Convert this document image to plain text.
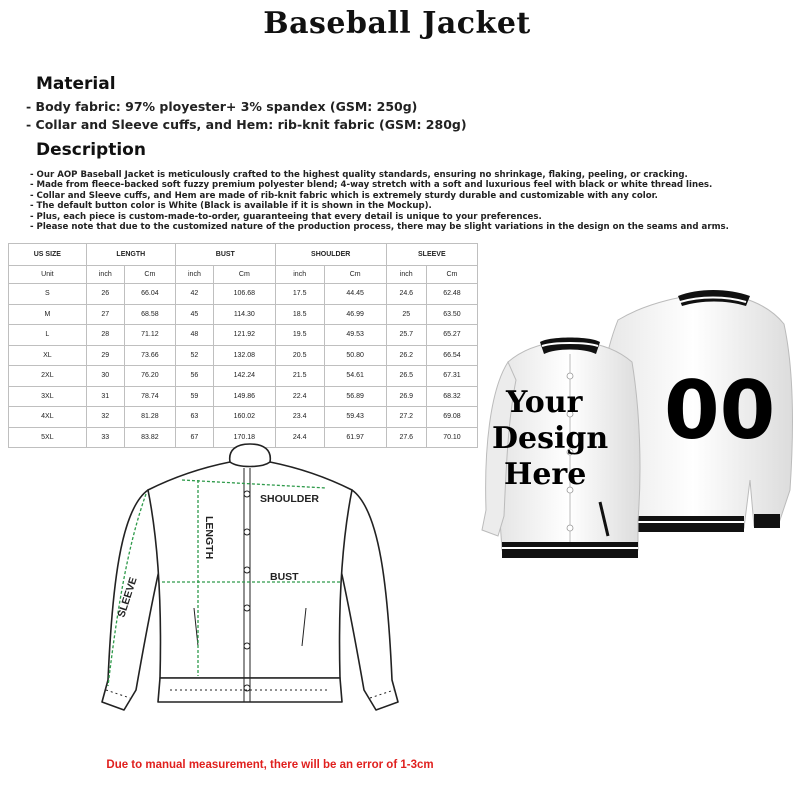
Baseball Jacket
Material
- Body fabric: 97% ployester+ 3% spandex (GSM: 250g)
- Collar and Sleeve cuffs, and Hem: rib-knit fabric (GSM: 280g)
Description
- Our AOP Baseball Jacket is meticulously crafted to the highest quality standards, ensuring no shrinkage, flaking, peeling, or cracking.
- Made from fleece-backed soft fuzzy premium polyester blend; 4-way stretch with a soft and luxurious feel with black or white thread lines.
- Collar and Sleeve cuffs, and Hem are made of rib-knit fabric which is extremely sturdy durable and customizable with any color.
- The default button color is White (Black is available if it is shown in the Mockup).
- Plus, each piece is custom-made-to-order, guaranteeing that every detail is unique to your preferences.
- Please note that due to the customized nature of the production process, there may be slight variations in the design on the seams and arms.
US SIZE	LENGTH		BUST		SHOULDER		SLEEVE	
Unit	inch	Cm	inch	Cm	inch	Cm	inch	Cm
S	26	66.04	42	106.68	17.5	44.45	24.6	62.48
M	27	68.58	45	114.30	18.5	46.99	25	63.50
L	28	71.12	48	121.92	19.5	49.53	25.7	65.27
XL	29	73.66	52	132.08	20.5	50.80	26.2	66.54
2XL	30	76.20	56	142.24	21.5	54.61	26.5	67.31
3XL	31	78.74	59	149.86	22.4	56.89	26.9	68.32
4XL	32	81.28	63	160.02	23.4	59.43	27.2	69.08
5XL	33	83.82	67	170.18	24.4	61.97	27.6	70.10
SHOULDER
BUST
LENGTH
SLEEVE
Due to manual measurement, there will be an error of 1-3cm
00
Your
Design
Here
